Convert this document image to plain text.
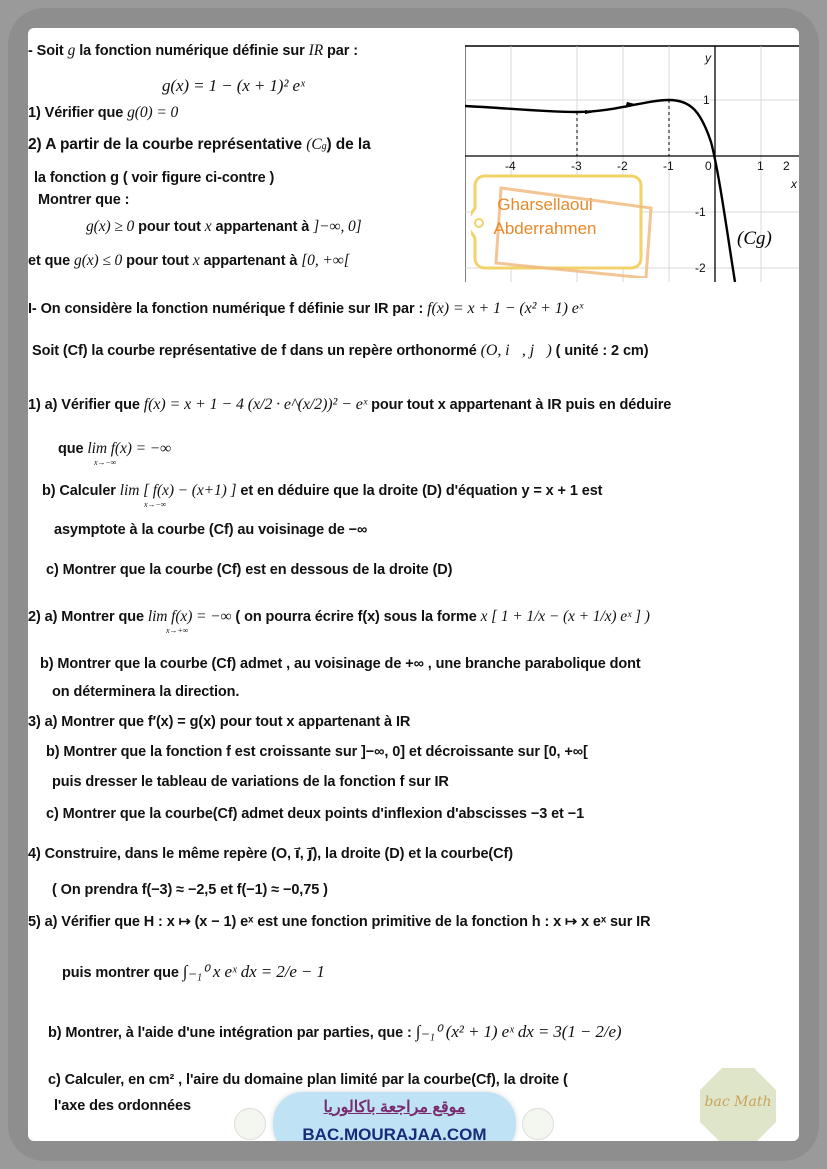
- Soit g la fonction numérique définie sur IR par :
g(x) = 1 − (x + 1)² eˣ
1) Vérifier que g(0) = 0
2) A partir de la courbe représentative (Cg) de la
la fonction g ( voir figure ci-contre )
Montrer que :
g(x) ≥ 0 pour tout x appartenant à ]−∞, 0]
et que g(x) ≤ 0 pour tout x appartenant à [0, +∞[
-4	-3	-2	-1	0	1 2
x
1
-1
-2
y
(Cg)
Gharsellaoui
Abderrahmen
I- On considère la fonction numérique f définie sur IR par : f(x) = x + 1 − (x² + 1) eˣ
Soit (Cf) la courbe représentative de f dans un repère orthonormé (O, i⃗, j⃗) ( unité : 2 cm)
1) a) Vérifier que f(x) = x + 1 − 4 (x/2 · e^(x/2))² − eˣ pour tout x appartenant à IR puis en déduire
que lim f(x) = −∞
x→−∞
b) Calculer lim [ f(x) − (x+1) ]
x→−∞
et en déduire que la droite (D) d'équation y = x + 1 est
asymptote à la courbe (Cf) au voisinage de −∞
c) Montrer que la courbe (Cf) est en dessous de la droite (D)
2) a) Montrer que lim f(x) = −∞
x→+∞
( on pourra écrire f(x) sous la forme x [ 1 + 1/x − (x + 1/x) eˣ ] )
b) Montrer que la courbe (Cf) admet , au voisinage de +∞ , une branche parabolique dont
on déterminera la direction.
3) a) Montrer que f′(x) = g(x) pour tout x appartenant à IR
b) Montrer que la fonction f est croissante sur ]−∞, 0] et décroissante sur [0, +∞[
puis dresser le tableau de variations de la fonction f sur IR
c) Montrer que la courbe(Cf) admet deux points d'inflexion d'abscisses −3 et −1
4) Construire, dans le même repère (O, i⃗, j⃗), la droite (D) et la courbe(Cf)
( On prendra f(−3) ≈ −2,5 et f(−1) ≈ −0,75 )
5) a) Vérifier que H : x ↦ (x − 1) eˣ est une fonction primitive de la fonction h : x ↦ x eˣ sur IR
puis montrer que ∫₋₁⁰ x eˣ dx = 2/e − 1
b) Montrer, à l'aide d'une intégration par parties, que : ∫₋₁⁰ (x² + 1) eˣ dx = 3(1 − 2/e)
c) Calculer, en cm² , l'aire du domaine plan limité par la courbe(Cf), la droite (
l'axe des ordonnées	موقع مراجعة باكالوريا
BAC.MOURAJAA.COM
bac Math
